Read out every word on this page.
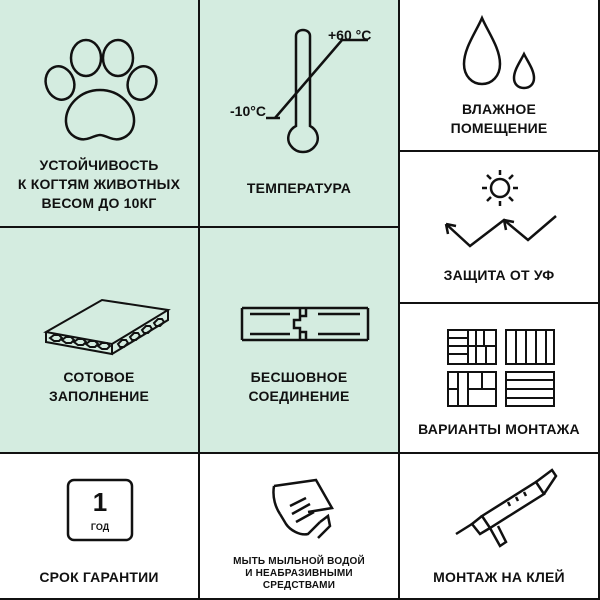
УСТОЙЧИВОСТЬ
К КОГТЯМ ЖИВОТНЫХ
ВЕСОМ ДО 10КГ
+60 °C
-10°C
ТЕМПЕРАТУРА
ВЛАЖНОЕ
ПОМЕЩЕНИЕ
ЗАЩИТА ОТ УФ
СОТОВОЕ
ЗАПОЛНЕНИЕ
БЕСШОВНОЕ
СОЕДИНЕНИЕ
ВАРИАНТЫ МОНТАЖА
1
ГОД
СРОК ГАРАНТИИ
МЫТЬ МЫЛЬНОЙ ВОДОЙ
И НЕАБРАЗИВНЫМИ
СРЕДСТВАМИ
МОНТАЖ НА КЛЕЙ
